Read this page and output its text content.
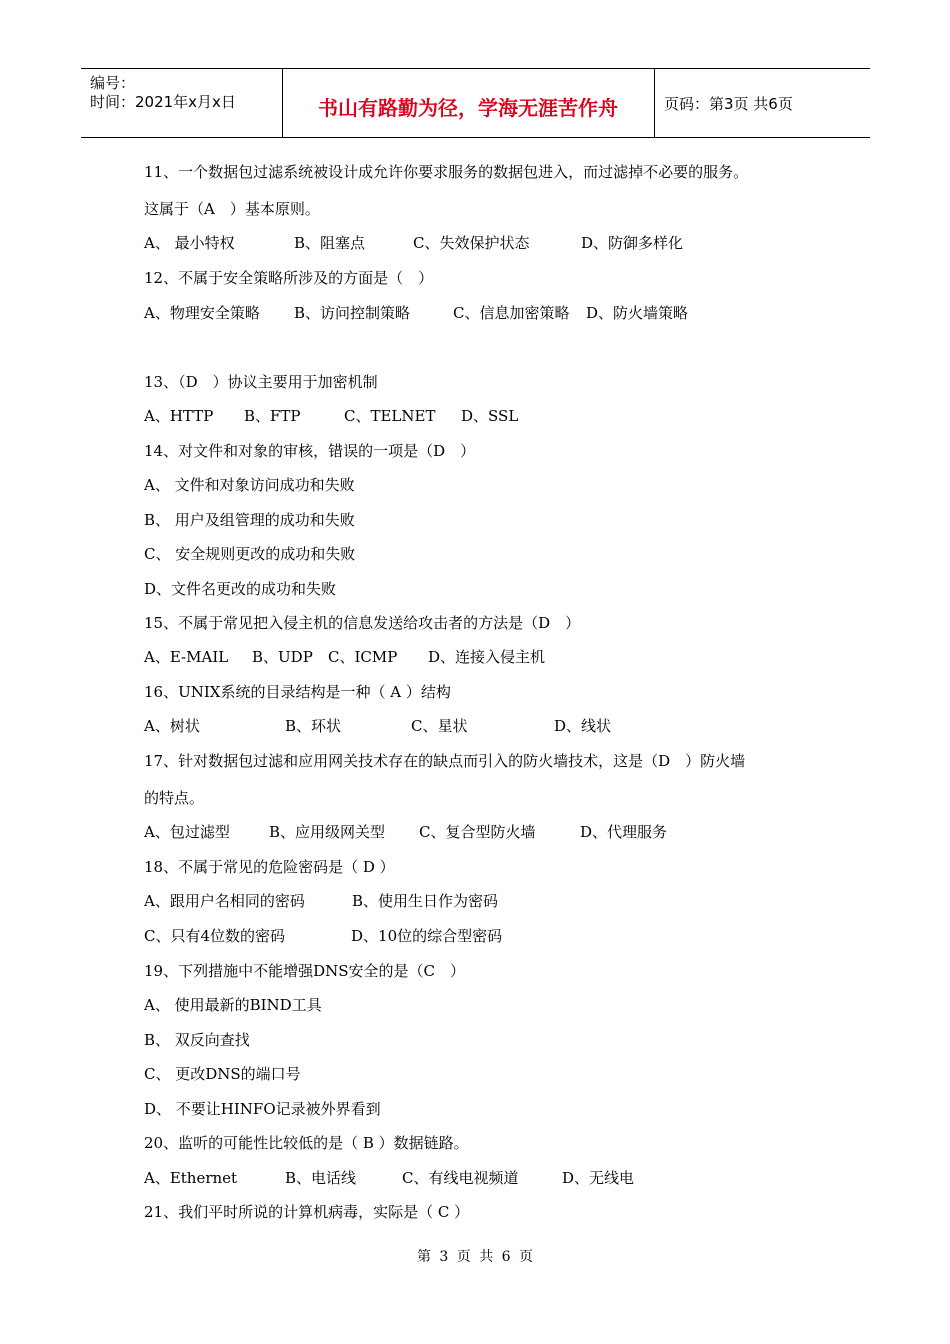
编号：
时间：2021年x月x日	书山有路勤为径，学海无涯苦作舟	页码：第3页 共6页
11、一个数据包过滤系统被设计成允许你要求服务的数据包进入，而过滤掉不必要的服务。
这属于（A　）基本原则。
A、 最小特权	B、阻塞点	C、失效保护状态	D、防御多样化
12、不属于安全策略所涉及的方面是（　）
A、物理安全策略 B、访问控制策略	C、信息加密策略 D、防火墙策略
13、（D　）协议主要用于加密机制
A、HTTP B、FTP	C、TELNET D、SSL
14、对文件和对象的审核，错误的一项是（D　）
A、 文件和对象访问成功和失败
B、 用户及组管理的成功和失败
C、 安全规则更改的成功和失败
D、文件名更改的成功和失败
15、不属于常见把入侵主机的信息发送给攻击者的方法是（D　）
A、E-MAIL B、UDP C、ICMP D、连接入侵主机
16、UNIX系统的目录结构是一种（ A ）结构
A、树状	B、环状	C、星状	D、线状
17、针对数据包过滤和应用网关技术存在的缺点而引入的防火墙技术，这是（D　）防火墙
的特点。
A、包过滤型	B、应用级网关型 C、复合型防火墙	D、代理服务
18、不属于常见的危险密码是（ D ）
A、跟用户名相同的密码	B、使用生日作为密码
C、只有4位数的密码	D、10位的综合型密码
19、下列措施中不能增强DNS安全的是（C　）
A、 使用最新的BIND工具
B、 双反向查找
C、 更改DNS的端口号
D、 不要让HINFO记录被外界看到
20、监听的可能性比较低的是（ B ）数据链路。
A、Ethernet	B、电话线	C、有线电视频道	D、无线电
21、我们平时所说的计算机病毒，实际是（ C ）
第 3 页 共 6 页
